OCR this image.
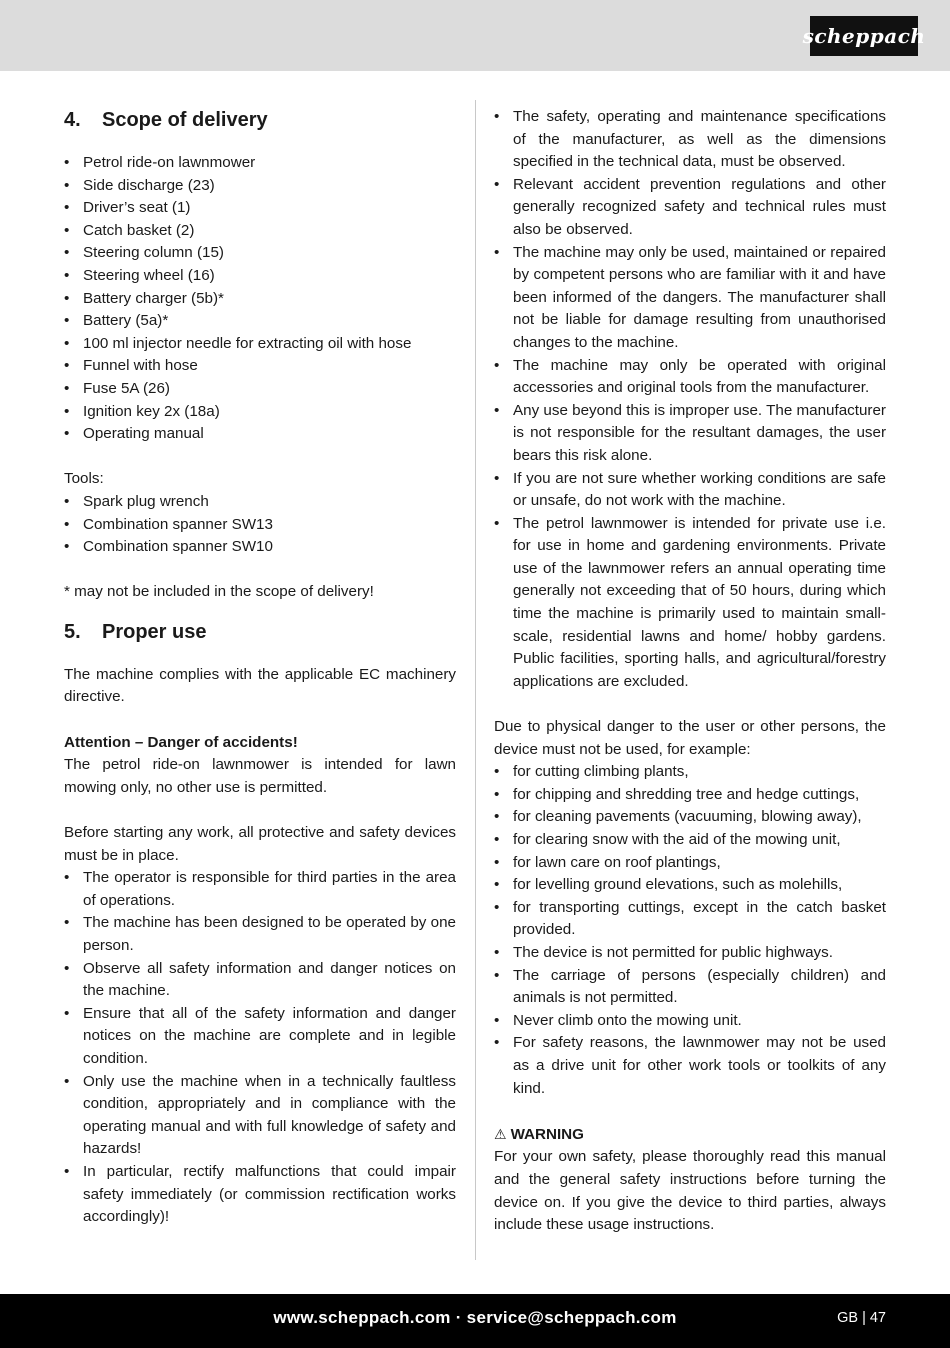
scheppach
4. Scope of delivery
• Petrol ride-on lawnmower
• Side discharge (23)
• Driver’s seat (1)
• Catch basket (2)
• Steering column (15)
• Steering wheel (16)
• Battery charger (5b)*
• Battery (5a)*
• 100 ml injector needle for extracting oil with hose
• Funnel with hose
• Fuse 5A (26)
• Ignition key 2x (18a)
• Operating manual

Tools:

• Spark plug wrench
• Combination spanner SW13
• Combination spanner SW10

* may not be included in the scope of delivery!

5. Proper use

The machine complies with the applicable EC machinery directive.

Attention – Danger of accidents!

The petrol ride-on lawnmower is intended for lawn mowing only, no other use is permitted.

Before starting any work, all protective and safety devices must be in place.

• The operator is responsible for third parties in the area of operations.
• The machine has been designed to be operated by one person.
• Observe all safety information and danger notices on the machine.
• Ensure that all of the safety information and danger notices on the machine are complete and in legible condition.
• Only use the machine when in a technically faultless condition, appropriately and in compliance with the operating manual and with full knowledge of safety and hazards!
• In particular, rectify malfunctions that could impair safety immediately (or commission rectification works accordingly)!
• The safety, operating and maintenance specifications of the manufacturer, as well as the dimensions specified in the technical data, must be observed.
• Relevant accident prevention regulations and other generally recognized safety and technical rules must also be observed.
• The machine may only be used, maintained or repaired by competent persons who are familiar with it and have been informed of the dangers. The manufacturer shall not be liable for damage resulting from unauthorised changes to the machine.
• The machine may only be operated with original accessories and original tools from the manufacturer.
• Any use beyond this is improper use. The manufacturer is not responsible for the resultant damages, the user bears this risk alone.
• If you are not sure whether working conditions are safe or unsafe, do not work with the machine.
• The petrol lawnmower is intended for private use i.e. for use in home and gardening environments. Private use of the lawnmower refers an annual operating time generally not exceeding that of 50 hours, during which time the machine is primarily used to maintain small-scale, residential lawns and home/ hobby gardens. Public facilities, sporting halls, and agricultural/forestry applications are excluded.

Due to physical danger to the user or other persons, the device must not be used, for example:

• for cutting climbing plants,
• for chipping and shredding tree and hedge cuttings,
• for cleaning pavements (vacuuming, blowing away),
• for clearing snow with the aid of the mowing unit,
• for lawn care on roof plantings,
• for levelling ground elevations, such as molehills,
• for transporting cuttings, except in the catch basket provided.
• The device is not permitted for public highways.
• The carriage of persons (especially children) and animals is not permitted.
• Never climb onto the mowing unit.
• For safety reasons, the lawnmower may not be used as a drive unit for other work tools or toolkits of any kind.

⚠ WARNING

For your own safety, please thoroughly read this manual and the general safety instructions before turning the device on. If you give the device to third parties, always include these usage instructions.

www.scheppach.com · service@scheppach.com	GB | 47
